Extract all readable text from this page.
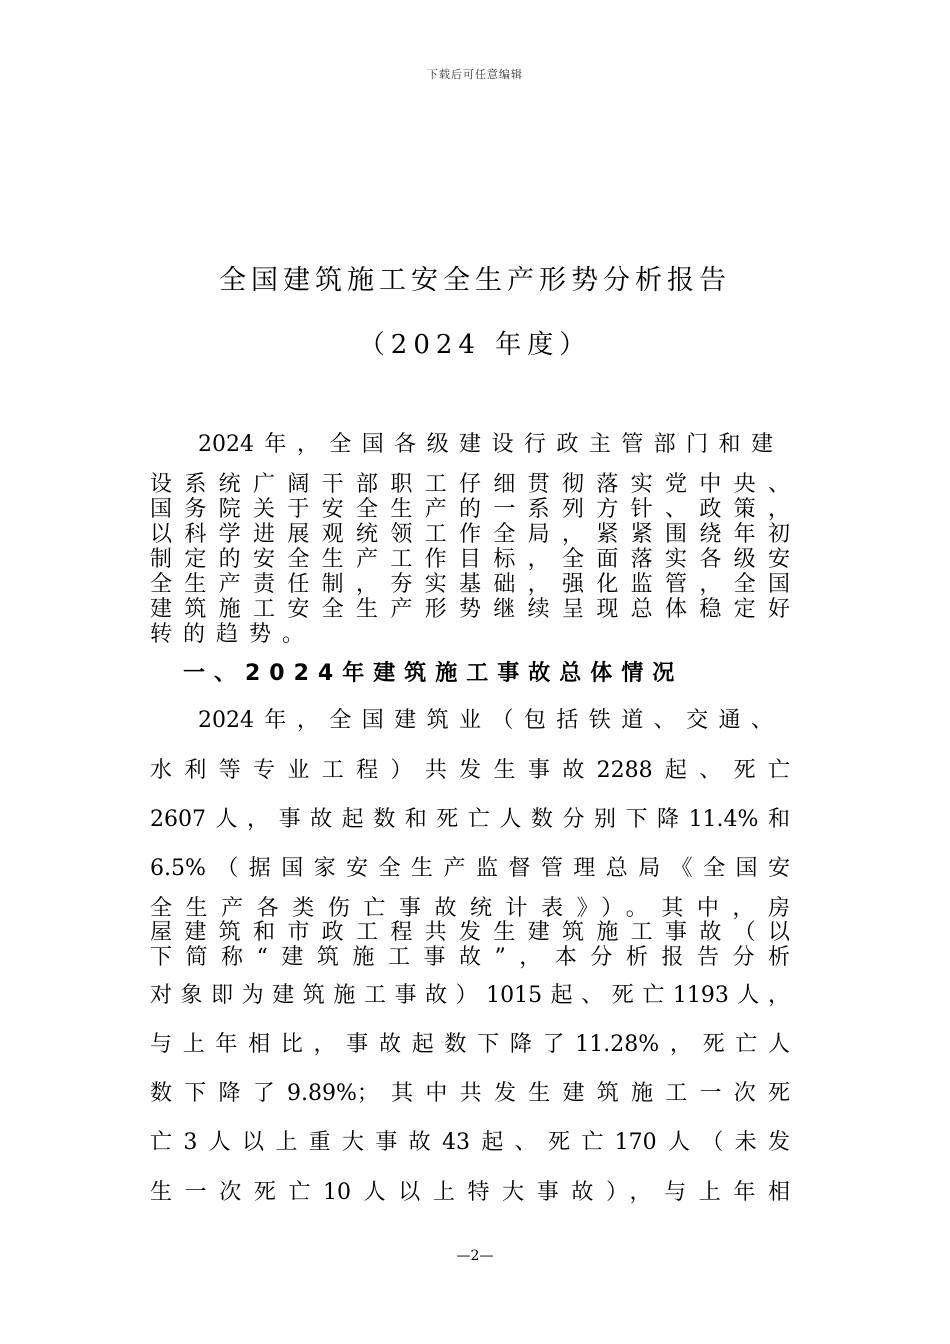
下载后可任意编辑
全国建筑施工安全生产形势分析报告
（2024 年度）
2024年，全国各级建设行政主管部门和建
设系统广阔干部职工仔细贯彻落实党中央、
国务院关于安全生产的一系列方针、政策，
以科学进展观统领工作全局，紧紧围绕年初
制定的安全生产工作目标，全面落实各级安
全生产责任制，夯实基础，强化监管，全国
建筑施工安全生产形势继续呈现总体稳定好
转的趋势。
一、2024年建筑施工事故总体情况
2024年，全国建筑业（包括铁道、交通、
水利等专业工程）共发生事故2288起、死亡
2607人，事故起数和死亡人数分别下降11.4%和
6.5%（据国家安全生产监督管理总局《全国安
全生产各类伤亡事故统计表》）。其中，房
屋建筑和市政工程共发生建筑施工事故（以
下简称“建筑施工事故”，本分析报告分析
对象即为建筑施工事故）1015起、死亡1193人，
与上年相比，事故起数下降了11.28%，死亡人
数下降了9.89%；其中共发生建筑施工一次死
亡3人以上重大事故43起、死亡170人（未发
生一次死亡10人以上特大事故），与上年相
—2—
